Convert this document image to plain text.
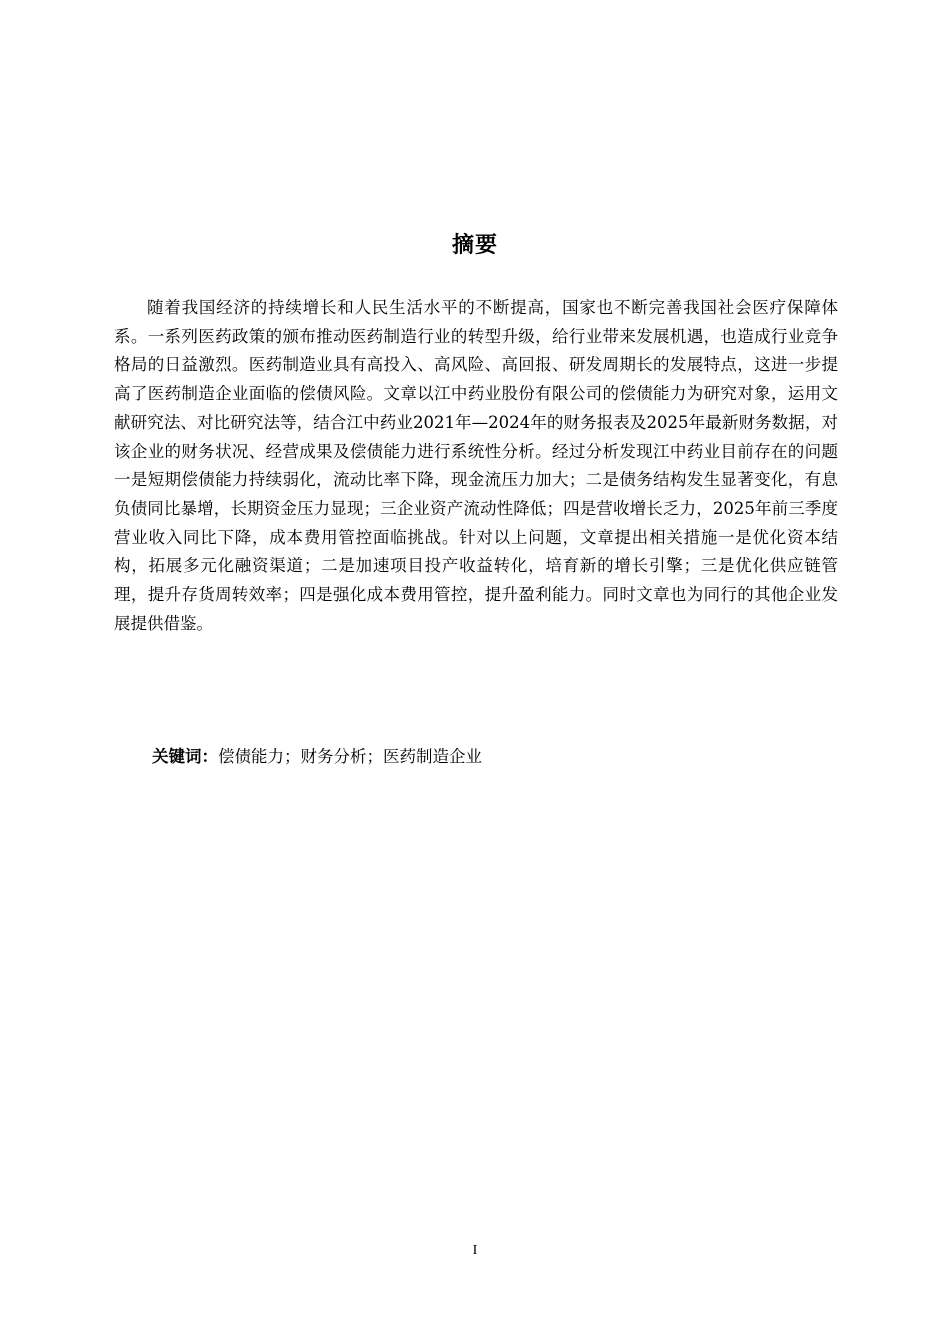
摘要

随着我国经济的持续增长和人民生活水平的不断提高，国家也不断完善我国社会医疗保障体系。一系列医药政策的颁布推动医药制造行业的转型升级，给行业带来发展机遇，也造成行业竞争格局的日益激烈。医药制造业具有高投入、高风险、高回报、研发周期长的发展特点，这进一步提高了医药制造企业面临的偿债风险。文章以江中药业股份有限公司的偿债能力为研究对象，运用文献研究法、对比研究法等，结合江中药业2021年—2024年的财务报表及2025年最新财务数据，对该企业的财务状况、经营成果及偿债能力进行系统性分析。经过分析发现江中药业目前存在的问题一是短期偿债能力持续弱化，流动比率下降，现金流压力加大；二是债务结构发生显著变化，有息负债同比暴增，长期资金压力显现；三企业资产流动性降低；四是营收增长乏力，2025年前三季度营业收入同比下降，成本费用管控面临挑战。针对以上问题，文章提出相关措施一是优化资本结构，拓展多元化融资渠道；二是加速项目投产收益转化，培育新的增长引擎；三是优化供应链管理，提升存货周转效率；四是强化成本费用管控，提升盈利能力。同时文章也为同行的其他企业发展提供借鉴。

关键词：偿债能力；财务分析；医药制造企业
I
